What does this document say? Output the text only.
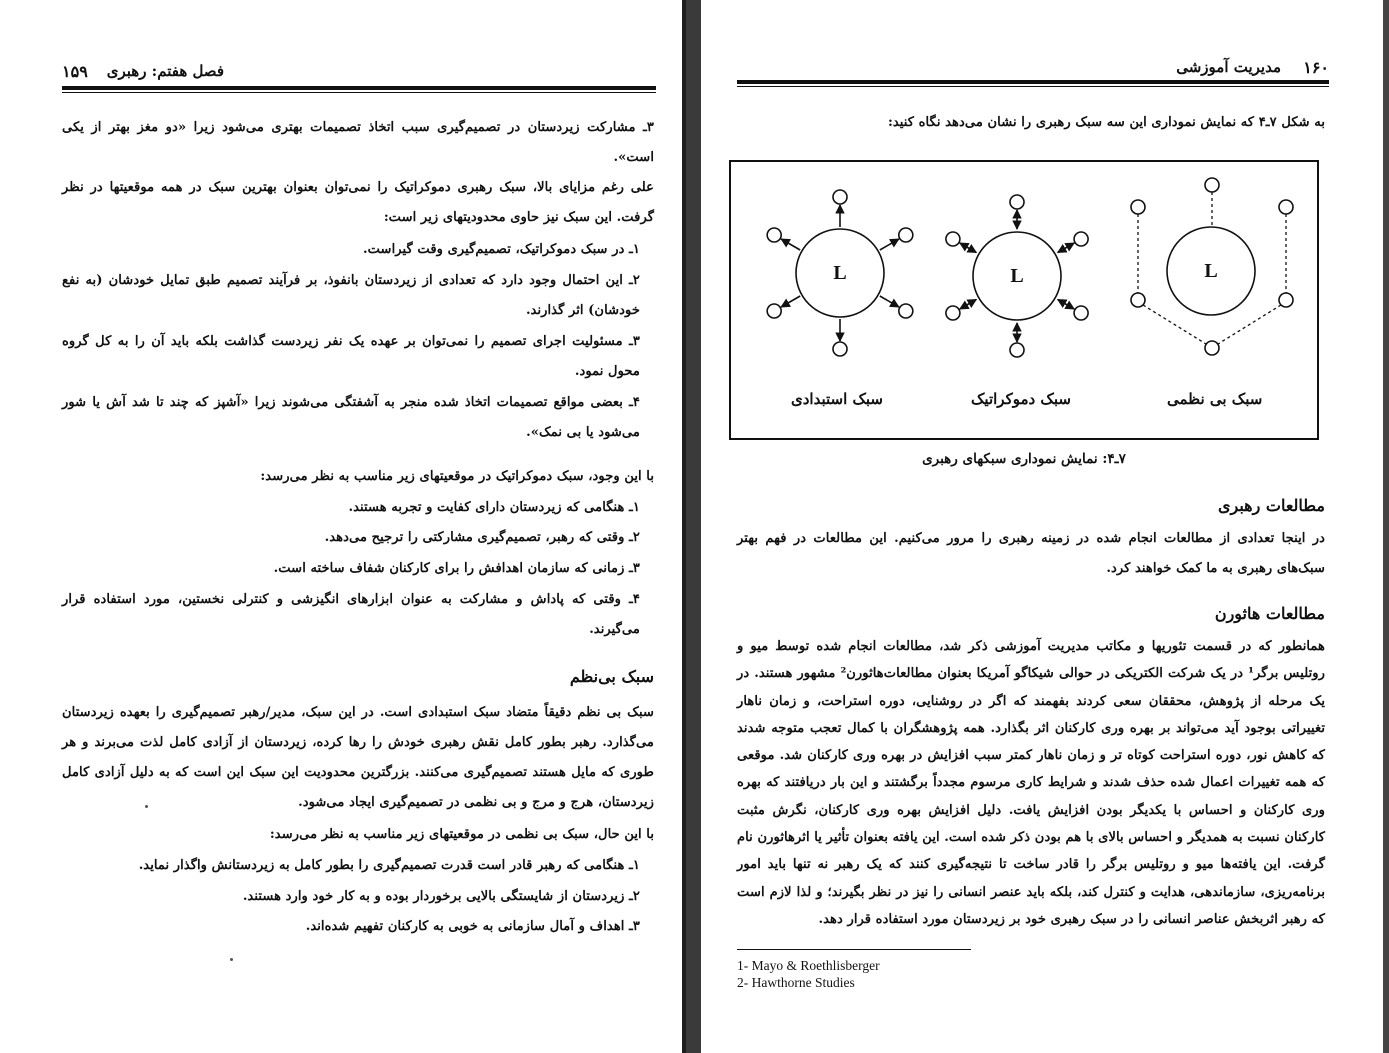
فصل هفتم: رهبری
۱۵۹
۳ـ مشارکت زیردستان در تصمیم‌گیری سبب اتخاذ تصمیمات بهتری می‌شود زیرا «دو مغز بهتر از یکی است».
علی رغم مزایای بالا، سبک رهبری دموکراتیک را نمی‌توان بعنوان بهترین سبک در همه موقعیتها در نظر گرفت. این سبک نیز حاوی محدودیتهای زیر است:
۱ـ در سبک دموکراتیک، تصمیم‌گیری وقت گیراست.
۲ـ این احتمال وجود دارد که تعدادی از زیردستان بانفوذ، بر فرآیند تصمیم طبق تمایل خودشان (به نفع خودشان) اثر گذارند.
۳ـ مسئولیت اجرای تصمیم را نمی‌توان بر عهده یک نفر زیردست گذاشت بلکه باید آن را به کل گروه محول نمود.
۴ـ بعضی مواقع تصمیمات اتخاذ شده منجر به آشفتگی می‌شوند زیرا «آشپز که چند تا شد آش یا شور می‌شود یا بی نمک».
با این وجود، سبک دموکراتیک در موقعیتهای زیر مناسب به نظر می‌رسد:
۱ـ هنگامی که زیردستان دارای کفایت و تجربه هستند.
۲ـ وقتی که رهبر، تصمیم‌گیری مشارکتی را ترجیح می‌دهد.
۳ـ زمانی که سازمان اهدافش را برای کارکنان شفاف ساخته است.
۴ـ وقتی که پاداش و مشارکت به عنوان ابزارهای انگیزشی و کنترلی نخستین، مورد استفاده قرار می‌گیرند.
سبک بی‌نظم
سبک بی نظم دقیقاً متضاد سبک استبدادی است. در این سبک، مدیر/رهبر تصمیم‌گیری را بعهده زیردستان می‌گذارد. رهبر بطور کامل نقش رهبری خودش را رها کرده، زیردستان از آزادی کامل لذت می‌برند و هر طوری که مایل هستند تصمیم‌گیری می‌کنند. بزرگترین محدودیت این سبک این است که به دلیل آزادی کامل زیردستان، هرج و مرج و بی نظمی در تصمیم‌گیری ایجاد می‌شود.
با این حال، سبک بی نظمی در موقعیتهای زیر مناسب به نظر می‌رسد:
۱ـ هنگامی که رهبر قادر است قدرت تصمیم‌گیری را بطور کامل به زیردستانش واگذار نماید.
۲ـ زیردستان از شایستگی بالایی برخوردار بوده و به کار خود وارد هستند.
۳ـ اهداف و آمال سازمانی به خوبی به کارکنان تفهیم شده‌اند.
۱۶۰
مدیریت آموزشی
به شکل ۷ـ۴ که نمایش نموداری این سه سبک رهبری را نشان می‌دهد نگاه کنید:
L	L	L
سبک استبدادی	سبک دموکراتیک	سبک بی نظمی
۷ـ۴: نمایش نموداری سبکهای رهبری
مطالعات رهبری
در اینجا تعدادی از مطالعات انجام شده در زمینه رهبری را مرور می‌کنیم. این مطالعات در فهم بهتر سبک‌های رهبری به ما کمک خواهند کرد.
مطالعات هاثورن
همانطور که در قسمت تئوریها و مکاتب مدیریت آموزشی ذکر شد، مطالعات انجام شده توسط میو و روتلیس برگر¹ در یک شرکت الکتریکی در حوالی شیکاگو آمریکا بعنوان مطالعات‌هاثورن² مشهور هستند. در یک مرحله از پژوهش، محققان سعی کردند بفهمند که اگر در روشنایی، دوره استراحت، و زمان ناهار تغییراتی بوجود آید می‌تواند بر بهره وری کارکنان اثر بگذارد. همه پژوهشگران با کمال تعجب متوجه شدند که کاهش نور، دوره استراحت کوتاه تر و زمان ناهار کمتر سبب افزایش در بهره وری کارکنان شد. موقعی که همه تغییرات اعمال شده حذف شدند و شرایط کاری مرسوم مجدداً برگشتند و این بار دریافتند که بهره وری کارکنان و احساس با یکدیگر بودن افزایش یافت. دلیل افزایش بهره وری کارکنان، نگرش مثبت کارکنان نسبت به همدیگر و احساس بالای با هم بودن ذکر شده است. این یافته بعنوان تأثیر یا اثرهاثورن نام گرفت. این یافته‌ها میو و روتلیس برگر را قادر ساخت تا نتیجه‌گیری کنند که یک رهبر نه تنها باید امور برنامه‌ریزی، سازماندهی، هدایت و کنترل کند، بلکه باید عنصر انسانی را نیز در نظر بگیرند؛ و لذا لازم است که رهبر اثربخش عناصر انسانی را در سبک رهبری خود بر زیردستان مورد استفاده قرار دهد.
1- Mayo & Roethlisberger
2- Hawthorne Studies
